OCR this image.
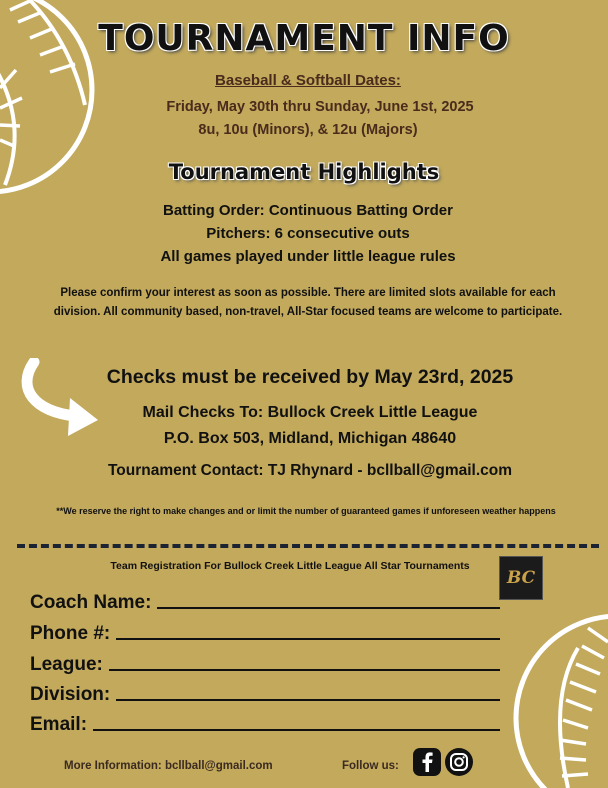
TOURNAMENT INFO
Baseball & Softball Dates:
Friday, May 30th thru Sunday, June 1st, 2025
8u, 10u (Minors), & 12u (Majors)
Tournament Highlights
Batting Order: Continuous Batting Order
Pitchers: 6 consecutive outs
All games played under little league rules
Please confirm your interest as soon as possible. There are limited slots available for each division. All community based, non-travel, All-Star focused teams are welcome to participate.
Checks must be received by May 23rd, 2025
Mail Checks To: Bullock Creek Little League
P.O. Box 503, Midland, Michigan 48640
Tournament Contact: TJ Rhynard - bcllball@gmail.com
**We reserve the right to make changes and or limit the number of guaranteed games if unforeseen weather happens
Team Registration For Bullock Creek Little League All Star Tournaments
BC
Coach Name:
Phone #:
League:
Division:
Email:
More Information: bcllball@gmail.com	Follow us:
